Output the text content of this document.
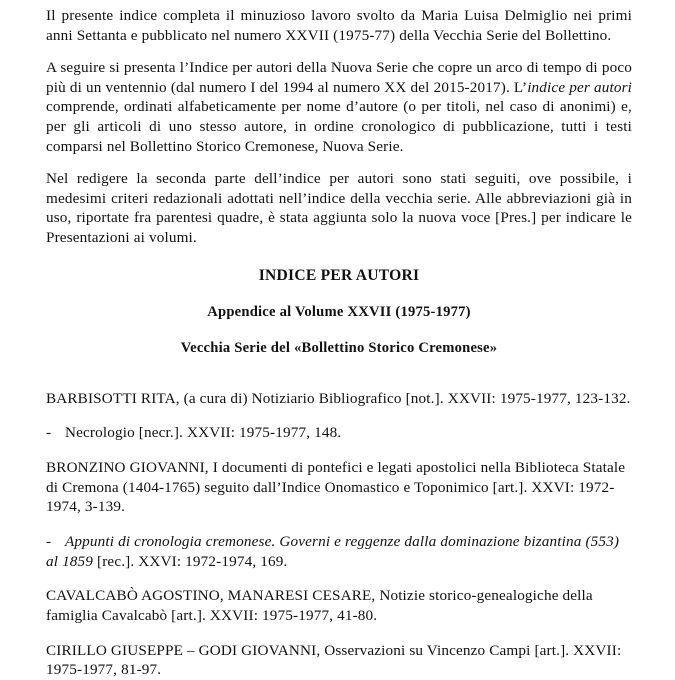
Il presente indice completa il minuzioso lavoro svolto da Maria Luisa Delmiglio nei primi anni Settanta e pubblicato nel numero XXVII (1975-77) della Vecchia Serie del Bollettino.

A seguire si presenta l’Indice per autori della Nuova Serie che copre un arco di tempo di poco più di un ventennio (dal numero I del 1994 al numero XX del 2015-2017). L’indice per autori comprende, ordinati alfabeticamente per nome d’autore (o per titoli, nel caso di anonimi) e, per gli articoli di uno stesso autore, in ordine cronologico di pubblicazione, tutti i testi comparsi nel Bollettino Storico Cremonese, Nuova Serie.

Nel redigere la seconda parte dell’indice per autori sono stati seguiti, ove possibile, i medesimi criteri redazionali adottati nell’indice della vecchia serie. Alle abbreviazioni già in uso, riportate fra parentesi quadre, è stata aggiunta solo la nuova voce [Pres.] per indicare le Presentazioni ai volumi.

INDICE PER AUTORI
Appendice al Volume XXVII (1975-1977)
Vecchia Serie del «Bollettino Storico Cremonese»

BARBISOTTI RITA, (a cura di) Notiziario Bibliografico [not.]. XXVII: 1975-1977, 123-132.

- Necrologio [necr.]. XXVII: 1975-1977, 148.

BRONZINO GIOVANNI, I documenti di pontefici e legati apostolici nella Biblioteca Statale di Cremona (1404-1765) seguito dall’Indice Onomastico e Toponimico [art.]. XXVI: 1972-1974, 3-139.

- Appunti di cronologia cremonese. Governi e reggenze dalla dominazione bizantina (553) al 1859 [rec.]. XXVI: 1972-1974, 169.

CAVALCABÒ AGOSTINO, MANARESI CESARE, Notizie storico-genealogiche della famiglia Cavalcabò [art.]. XXVII: 1975-1977, 41-80.

CIRILLO GIUSEPPE – GODI GIOVANNI, Osservazioni su Vincenzo Campi [art.]. XXVII: 1975-1977, 81-97.
